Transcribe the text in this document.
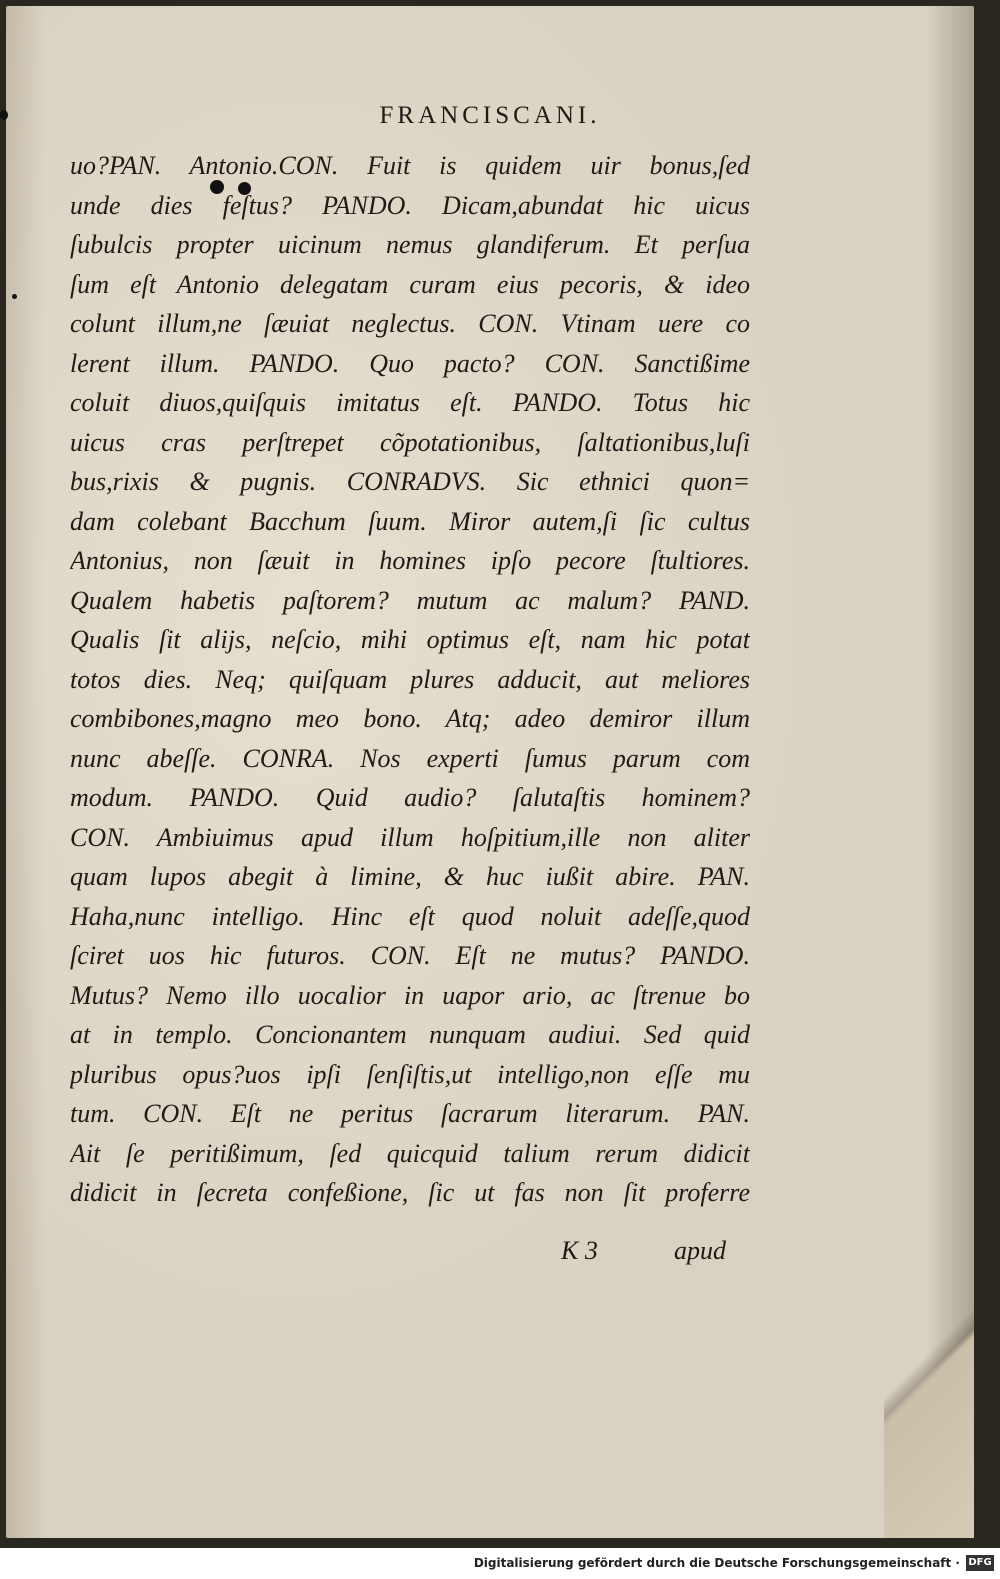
FRANCISCANI.
uo?PAN. Antonio.CON. Fuit is quidem uir bonus,ſed
unde dies feſtus? PANDO. Dicam,abundat hic uicus
ſubulcis propter uicinum nemus glandiferum. Et perſua
ſum eſt Antonio delegatam curam eius pecoris, & ideo
colunt illum,ne ſæuiat neglectus. CON. Vtinam uere co
lerent illum. PANDO. Quo pacto? CON. Sanctißime
coluit diuos,quiſquis imitatus eſt. PANDO. Totus hic
uicus cras perſtrepet cõpotationibus, ſaltationibus,luſi
bus,rixis & pugnis. CONRADVS. Sic ethnici quon=
dam colebant Bacchum ſuum. Miror autem,ſi ſic cultus
Antonius, non ſæuit in homines ipſo pecore ſtultiores.
Qualem habetis paſtorem? mutum ac malum? PAND.
Qualis ſit alijs, neſcio, mihi optimus eſt, nam hic potat
totos dies. Neq; quiſquam plures adducit, aut meliores
combibones,magno meo bono. Atq; adeo demiror illum
nunc abeſſe. CONRA. Nos experti ſumus parum com
modum. PANDO. Quid audio? ſalutaſtis hominem?
CON. Ambiuimus apud illum hoſpitium,ille non aliter
quam lupos abegit à limine, & huc iußit abire. PAN.
Haha,nunc intelligo. Hinc eſt quod noluit adeſſe,quod
ſciret uos hic futuros. CON. Eſt ne mutus? PANDO.
Mutus? Nemo illo uocalior in uapor ario, ac ſtrenue bo
at in templo. Concionantem nunquam audiui. Sed quid
pluribus opus?uos ipſi ſenſiſtis,ut intelligo,non eſſe mu
tum. CON. Eſt ne peritus ſacrarum literarum. PAN.
Ait ſe peritißimum, ſed quicquid talium rerum didicit
didicit in ſecreta confeßione, ſic ut fas non ſit proferre
K 3	apud
Digitalisierung gefördert durch die Deutsche Forschungsgemeinschaft · DFG
